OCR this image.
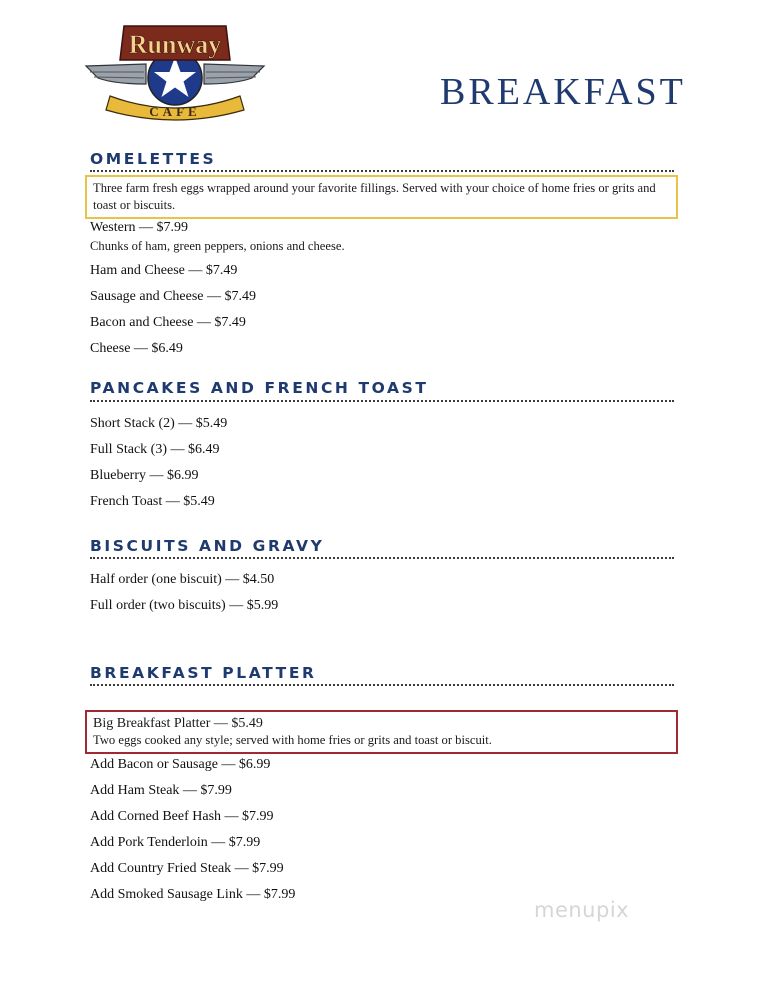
Runway
CAFE	BREAKFAST
OMELETTES
Three farm fresh eggs wrapped around your favorite fillings. Served with your choice of home fries or grits and toast or biscuits.
Western — $7.99
Chunks of ham, green peppers, onions and cheese.
Ham and Cheese — $7.49
Sausage and Cheese — $7.49
Bacon and Cheese — $7.49
Cheese — $6.49
PANCAKES AND FRENCH TOAST
Short Stack (2) — $5.49
Full Stack (3) — $6.49
Blueberry — $6.99
French Toast — $5.49
BISCUITS AND GRAVY
Half order (one biscuit) — $4.50
Full order (two biscuits) — $5.99
BREAKFAST PLATTER
Big Breakfast Platter — $5.49
Two eggs cooked any style; served with home fries or grits and toast or biscuit.
Add Bacon or Sausage — $6.99
Add Ham Steak — $7.99
Add Corned Beef Hash — $7.99
Add Pork Tenderloin — $7.99
Add Country Fried Steak — $7.99
Add Smoked Sausage Link — $7.99
menupix
